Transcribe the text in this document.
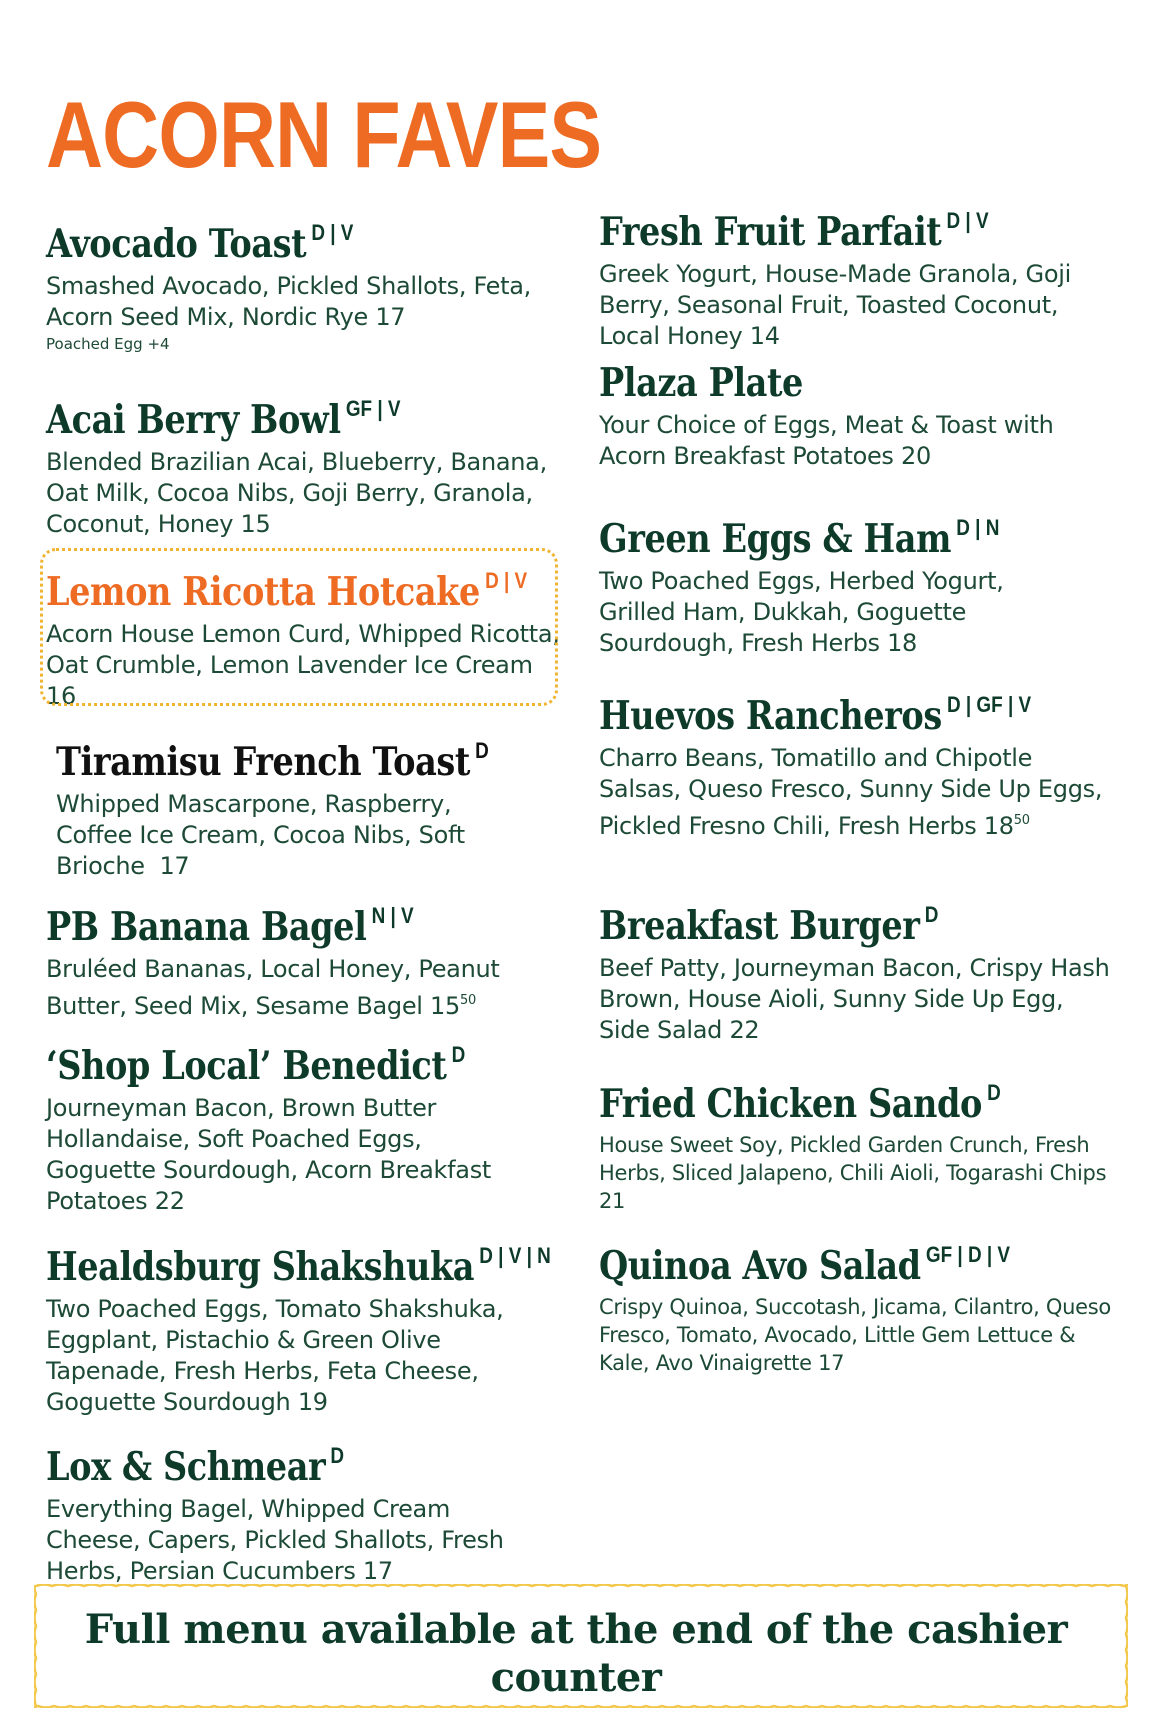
ACORN FAVES
Avocado Toast $^{D | V}$

Smashed Avocado, Pickled Shallots, Feta, Acorn Seed Mix, Nordic Rye 17

Poached Egg +4

Acai Berry Bowl $^{GF | V}$

Blended Brazilian Acai, Blueberry, Banana, Oat Milk, Cocoa Nibs, Goji Berry, Granola, Coconut, Honey 15

Lemon Ricotta Hotcake $^{D | V}$

Acorn House Lemon Curd, Whipped Ricotta, Oat Crumble, Lemon Lavender Ice Cream 16

Tiramisu French Toast $^D$

Whipped Mascarpone, Raspberry, Coffee Ice Cream, Cocoa Nibs, Soft Brioche 17

PB Banana Bagel $^{N | V}$

Bruléed Bananas, Local Honey, Peanut Butter, Seed Mix, Sesame Bagel $15^{50}$

‘Shop Local’ Benedict $^D$

Journeyman Bacon, Brown Butter Hollandaise, Soft Poached Eggs, Goguette Sourdough, Acorn Breakfast Potatoes 22

Healdsburg Shakshuka $^{D | V | N}$

Two Poached Eggs, Tomato Shakshuka, Eggplant, Pistachio & Green Olive Tapenade, Fresh Herbs, Feta Cheese, Goguette Sourdough 19

Lox & Schmear $^D$

Everything Bagel, Whipped Cream Cheese, Capers, Pickled Shallots, Fresh Herbs, Persian Cucumbers 17

Fresh Fruit Parfait $^{D | V}$

Greek Yogurt, House-Made Granola, Goji Berry, Seasonal Fruit, Toasted Coconut, Local Honey 14

Plaza Plate

Your Choice of Eggs, Meat & Toast with Acorn Breakfast Potatoes 20

Green Eggs & Ham $^{D | N}$

Two Poached Eggs, Herbed Yogurt, Grilled Ham, Dukkah, Goguette Sourdough, Fresh Herbs 18

Huevos Rancheros $^{D | GF | V}$

Charro Beans, Tomatillo and Chipotle Salsas, Queso Fresco, Sunny Side Up Eggs, Pickled Fresno Chili, Fresh Herbs $18^{50}$

Breakfast Burger $^D$

Beef Patty, Journeyman Bacon, Crispy Hash Brown, House Aioli, Sunny Side Up Egg, Side Salad 22

Fried Chicken Sando $^D$

House Sweet Soy, Pickled Garden Crunch, Fresh Herbs, Sliced Jalapeno, Chili Aioli, Togarashi Chips 21

Quinoa Avo Salad $^{GF | D | V}$

Crispy Quinoa, Succotash, Jicama, Cilantro, Queso Fresco, Tomato, Avocado, Little Gem Lettuce & Kale, Avo Vinaigrette 17

Full menu available at the end of the cashier counter
